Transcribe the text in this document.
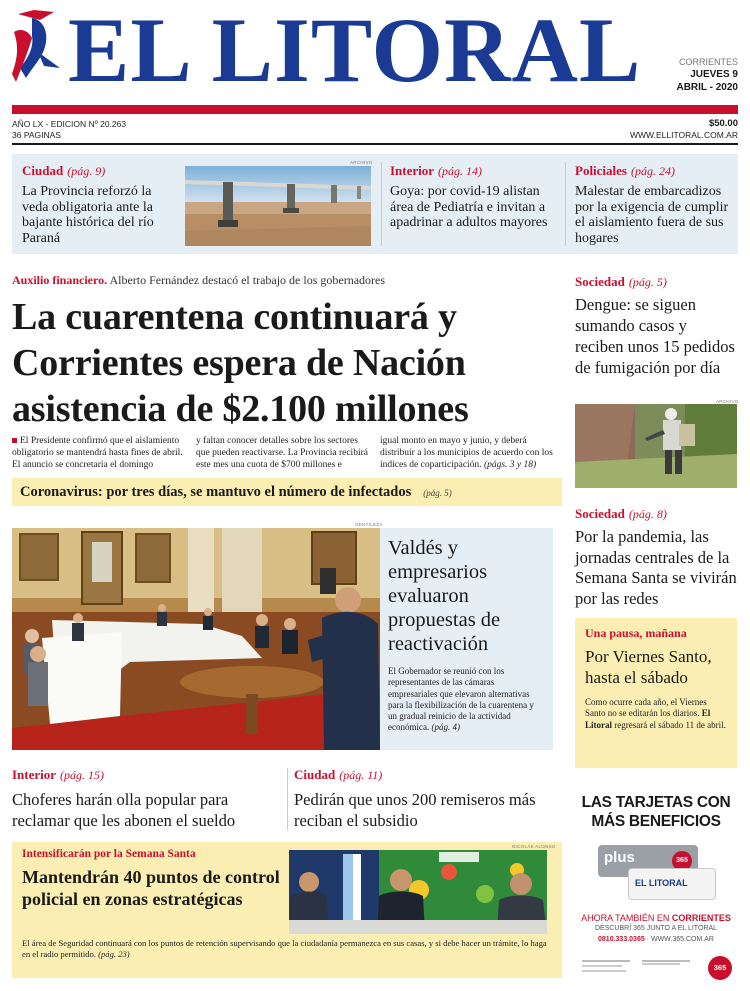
EL LITORAL	CORRIENTES
JUEVES 9
ABRIL - 2020
AÑO LX - EDICION Nº 20.263
36 PAGINAS
$50.00
WWW.ELLITORAL.COM.AR
Ciudad (pág. 9)
La Provincia reforzó la veda obligatoria ante la bajante histórica del río Paraná
ARCHIVO
Interior (pág. 14)
Goya: por covid-19 alistan área de Pediatría e invitan a apadrinar a adultos mayores
Policiales (pág. 24)
Malestar de embarcadizos por la exigencia de cumplir el aislamiento fuera de sus hogares
Auxilio financiero. Alberto Fernández destacó el trabajo de los gobernadores
La cuarentena continuará y Corrientes espera de Nación asistencia de $2.100 millones
El Presidente confirmó que el aislamiento obligatorio se mantendrá hasta fines de abril. El anuncio se concretaría el domingo
y faltan conocer detalles sobre los sectores que pueden reactivarse. La Provincia recibirá este mes una cuota de $700 millones e
igual monto en mayo y junio, y deberá distribuir a los municipios de acuerdo con los índices de coparticipación. (págs. 3 y 18)
Coronavirus: por tres días, se mantuvo el número de infectados (pág. 5)
GENTILEZA
Valdés y empresarios evaluaron propuestas de reactivación
El Gobernador se reunió con los representantes de las cámaras empresariales que elevaron alternativas para la flexibilización de la cuarentena y un gradual reinicio de la actividad económica. (pág. 4)
Sociedad (pág. 5)
Dengue: se siguen sumando casos y reciben unos 15 pedidos de fumigación por día
ARCHIVO
Sociedad (pág. 8)
Por la pandemia, las jornadas centrales de la Semana Santa se vivirán por las redes
Una pausa, mañana
Por Viernes Santo, hasta el sábado
Como ocurre cada año, el Viernes Santo no se editarán los diarios. El Litoral regresará el sábado 11 de abril.
Interior (pág. 15)
Choferes harán olla popular para reclamar que les abonen el sueldo
Ciudad (pág. 11)
Pedirán que unos 200 remiseros más reciban el subsidio
Intensificarán por la Semana Santa
Mantendrán 40 puntos de control policial en zonas estratégicas
El área de Seguridad continuará con los puntos de retención supervisando que la ciudadanía permanezca en sus casas, y si debe hacer un trámite, lo haga en el radio permitido. (pág. 23)
NICOLÁS ALONSO
LAS TARJETAS CON
MÁS BENEFICIOS
plus	365
EL LITORAL
AHORA TAMBIÉN EN CORRIENTES
DESCUBRÍ 365 JUNTO A EL LITORAL
0810.333.0365 · WWW.365.COM.AR
365
